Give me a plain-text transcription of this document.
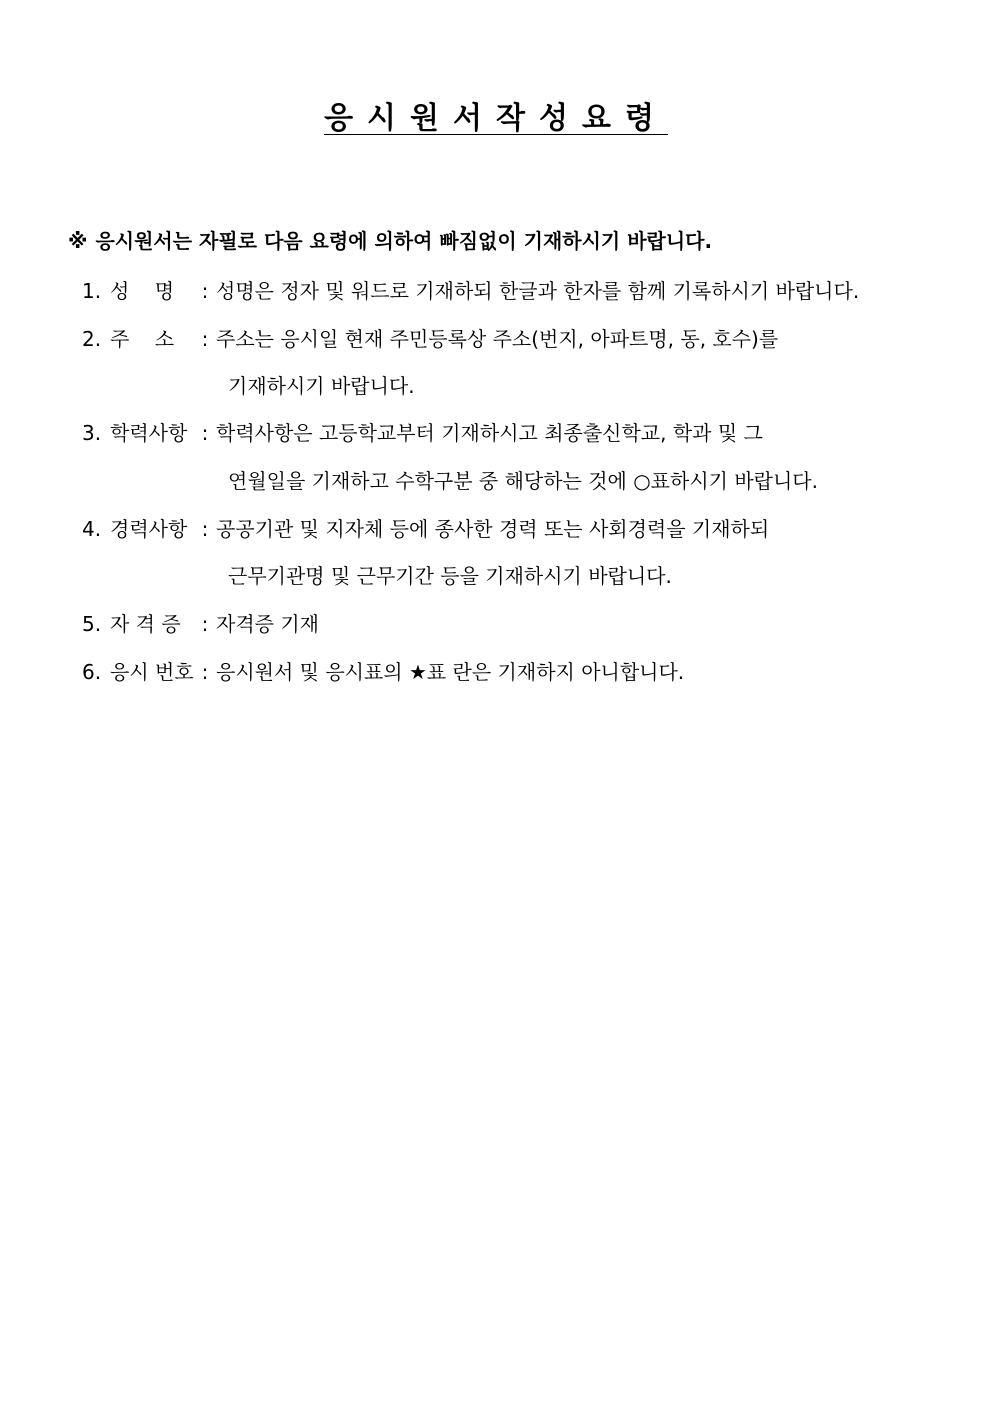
응시원서작성요령
※ 응시원서는 자필로 다음 요령에 의하여 빠짐없이 기재하시기 바랍니다.
1. 성    명 : 성명은 정자 및 워드로 기재하되 한글과 한자를 함께 기록하시기 바랍니다.
2. 주    소 : 주소는 응시일 현재 주민등록상 주소(번지, 아파트명, 동, 호수)를
기재하시기 바랍니다.
3. 학력사항 : 학력사항은 고등학교부터 기재하시고 최종출신학교, 학과 및 그
연월일을 기재하고 수학구분 중 해당하는 것에 ○표하시기 바랍니다.
4. 경력사항 : 공공기관 및 지자체 등에 종사한 경력 또는 사회경력을 기재하되
근무기관명 및 근무기간 등을 기재하시기 바랍니다.
5. 자 격 증 : 자격증 기재
6. 응시 번호 : 응시원서 및 응시표의 ★표 란은 기재하지 아니합니다.
